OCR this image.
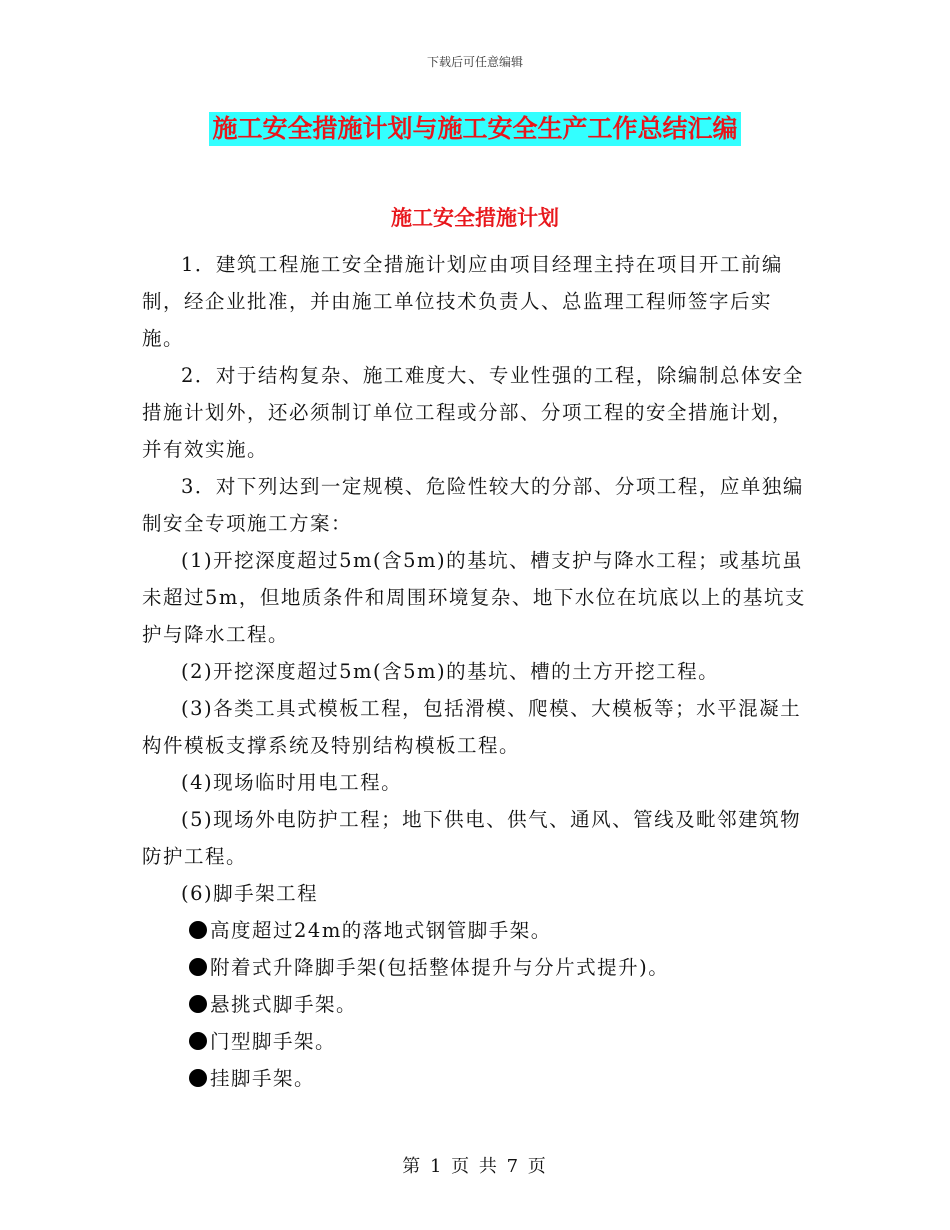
下载后可任意编辑
施工安全措施计划与施工安全生产工作总结汇编
施工安全措施计划

1．建筑工程施工安全措施计划应由项目经理主持在项目开工前编制，经企业批准，并由施工单位技术负责人、总监理工程师签字后实施。

2．对于结构复杂、施工难度大、专业性强的工程，除编制总体安全措施计划外，还必须制订单位工程或分部、分项工程的安全措施计划，并有效实施。

3．对下列达到一定规模、危险性较大的分部、分项工程，应单独编制安全专项施工方案：

(1)开挖深度超过5m(含5m)的基坑、槽支护与降水工程；或基坑虽未超过5m，但地质条件和周围环境复杂、地下水位在坑底以上的基坑支护与降水工程。

(2)开挖深度超过5m(含5m)的基坑、槽的土方开挖工程。

(3)各类工具式模板工程，包括滑模、爬模、大模板等；水平混凝土构件模板支撑系统及特别结构模板工程。

(4)现场临时用电工程。

(5)现场外电防护工程；地下供电、供气、通风、管线及毗邻建筑物防护工程。

(6)脚手架工程

高度超过24m的落地式钢管脚手架。

附着式升降脚手架(包括整体提升与分片式提升)。

悬挑式脚手架。

门型脚手架。

挂脚手架。

第 1 页 共 7 页
